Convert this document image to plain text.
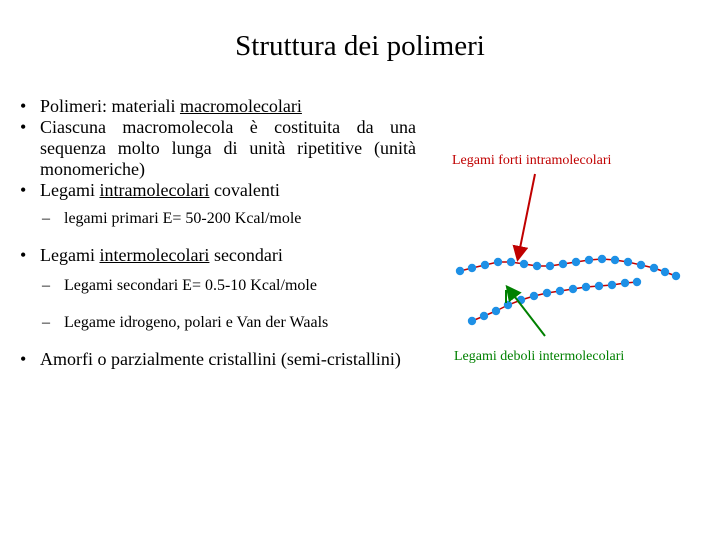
Struttura dei polimeri

• Polimeri: materiali macromolecolari

• Ciascuna macromolecola è costituita da una sequenza molto lunga di unità ripetitive (unità monomeriche)

• Legami intramolecolari covalenti

– legami primari E= 50-200 Kcal/mole

• Legami intermolecolari secondari

– Legami secondari E= 0.5-10 Kcal/mole

– Legame idrogeno, polari e Van der Waals

• Amorfi o parzialmente cristallini (semi-cristallini)

Legami forti intramolecolari
Legami deboli intermolecolari
